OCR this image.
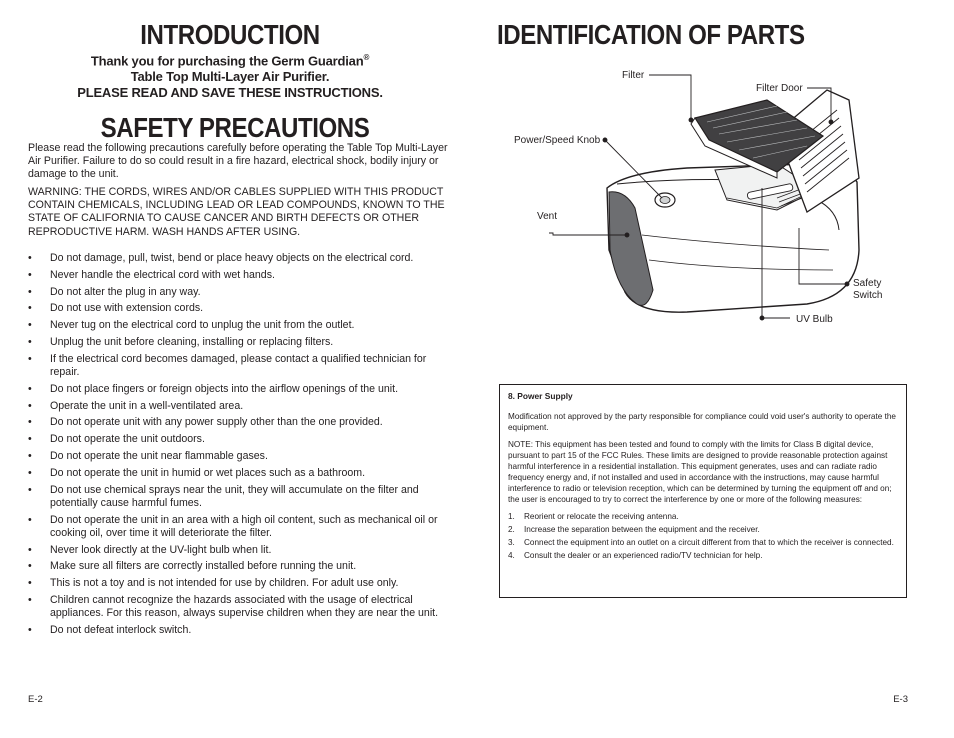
INTRODUCTION
Thank you for purchasing the Germ Guardian®
Table Top Multi-Layer Air Purifier.
PLEASE READ AND SAVE THESE INSTRUCTIONS.
SAFETY PRECAUTIONS
Please read the following precautions carefully before operating the Table Top Multi-Layer Air Purifier. Failure to do so could result in a fire hazard, electrical shock, bodily injury or damage to the unit.
WARNING: THE CORDS, WIRES AND/OR CABLES SUPPLIED WITH THIS PRODUCT CONTAIN CHEMICALS, INCLUDING LEAD OR LEAD COMPOUNDS, KNOWN TO THE STATE OF CALIFORNIA TO CAUSE CANCER AND BIRTH DEFECTS OR OTHER REPRODUCTIVE HARM. WASH HANDS AFTER USING.
• Do not damage, pull, twist, bend or place heavy objects on the electrical cord.
• Never handle the electrical cord with wet hands.
• Do not alter the plug in any way.
• Do not use with extension cords.
• Never tug on the electrical cord to unplug the unit from the outlet.
• Unplug the unit before cleaning, installing or replacing filters.
• If the electrical cord becomes damaged, please contact a qualified technician for repair.
• Do not place fingers or foreign objects into the airflow openings of the unit.
• Operate the unit in a well-ventilated area.
• Do not operate unit with any power supply other than the one provided.
• Do not operate the unit outdoors.
• Do not operate the unit near flammable gases.
• Do not operate the unit in humid or wet places such as a bathroom.
• Do not use chemical sprays near the unit, they will accumulate on the filter and potentially cause harmful fumes.
• Do not operate the unit in an area with a high oil content, such as mechanical oil or cooking oil, over time it will deteriorate the filter.
• Never look directly at the UV-light bulb when lit.
• Make sure all filters are correctly installed before running the unit.
• This is not a toy and is not intended for use by children. For adult use only.
• Children cannot recognize the hazards associated with the usage of electrical appliances. For this reason, always supervise children when they are near the unit.
• Do not defeat interlock switch.
E-2
IDENTIFICATION OF PARTS
Filter
Filter Door
Power/Speed Knob
Vent
Safety
Switch
UV Bulb
8. Power Supply

Modification not approved by the party responsible for compliance could void user's authority to operate the equipment.

NOTE: This equipment has been tested and found to comply with the limits for Class B digital device, pursuant to part 15 of the FCC Rules. These limits are designed to provide reasonable protection against harmful interference in a residential installation. This equipment generates, uses and can radiate radio frequency energy and, if not installed and used in accordance with the instructions, may cause harmful interference to radio or television reception, which can be determined by turning the equipment off and on; the user is encouraged to try to correct the interference by one or more of the following measures:

1. Reorient or relocate the receiving antenna.
2. Increase the separation between the equipment and the receiver.
3. Connect the equipment into an outlet on a circuit different from that to which the receiver is connected.
4. Consult the dealer or an experienced radio/TV technician for help.
E-3
